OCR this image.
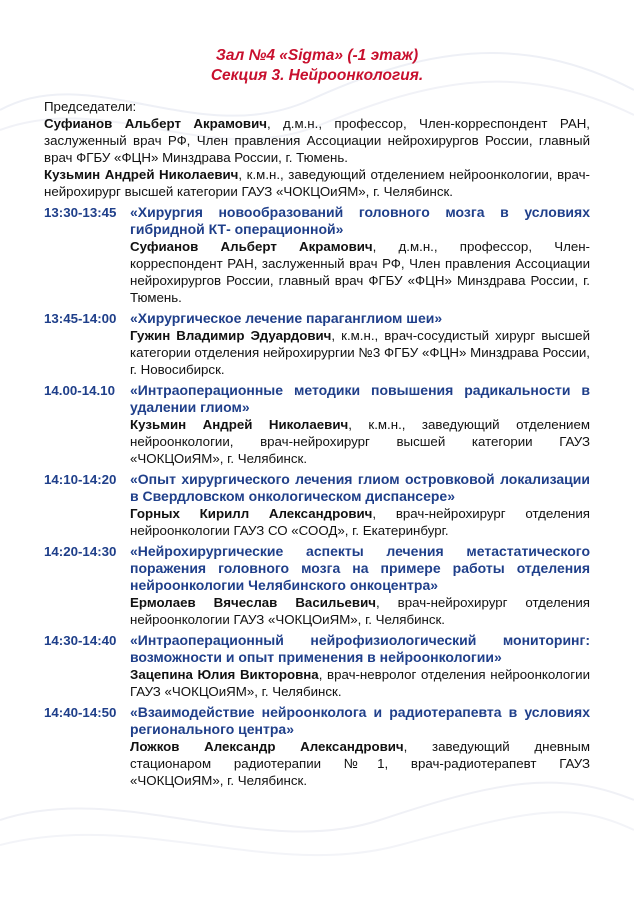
Зал №4 «Sigma» (-1 этаж)

Секция 3. Нейроонкология.

Председатели:
Суфианов Альберт Акрамович, д.м.н., профессор, Член-корреспондент РАН, заслуженный врач РФ, Член правления Ассоциации нейрохирургов России, главный врач ФГБУ «ФЦН» Минздрава России, г. Тюмень.
Кузьмин Андрей Николаевич, к.м.н., заведующий отделением нейроонкологии, врач-нейрохирург высшей категории ГАУЗ «ЧОКЦОиЯМ», г. Челябинск.
13:30-13:45 «Хирургия новообразований головного мозга в условиях гибридной КТ- операционной»
Суфианов Альберт Акрамович, д.м.н., профессор, Член-корреспондент РАН, заслуженный врач РФ, Член правления Ассоциации нейрохирургов России, главный врач ФГБУ «ФЦН» Минздрава России, г. Тюмень.
13:45-14:00 «Хирургическое лечение параганглиом шеи»
Гужин Владимир Эдуардович, к.м.н., врач-сосудистый хирург высшей категории отделения нейрохирургии №3 ФГБУ «ФЦН» Минздрава России, г. Новосибирск.
14.00-14.10	«Интраоперационные методики повышения радикальности в удалении глиом»
Кузьмин Андрей Николаевич, к.м.н., заведующий отделением нейроонкологии, врач-нейрохирург высшей категории ГАУЗ «ЧОКЦОиЯМ», г. Челябинск.
14:10-14:20 «Опыт хирургического лечения глиом островковой локализации в Свердловском онкологическом диспансере»
Горных Кирилл Александрович, врач-нейрохирург отделения нейроонкологии ГАУЗ СО «СООД», г. Екатеринбург.
14:20-14:30 «Нейрохирургические аспекты лечения метастатического поражения головного мозга на примере работы отделения нейроонкологии Челябинского онкоцентра»
Ермолаев Вячеслав Васильевич, врач-нейрохирург отделения нейроонкологии ГАУЗ «ЧОКЦОиЯМ», г. Челябинск.
14:30-14:40 «Интраоперационный нейрофизиологический мониторинг: возможности и опыт применения в нейроонкологии»
Зацепина Юлия Викторовна, врач-невролог отделения нейроонкологии ГАУЗ «ЧОКЦОиЯМ», г. Челябинск.
14:40-14:50 «Взаимодействие нейроонколога и радиотерапевта в условиях регионального центра»
Ложков Александр Александрович, заведующий дневным стационаром радиотерапии №1, врач-радиотерапевт ГАУЗ «ЧОКЦОиЯМ», г. Челябинск.
